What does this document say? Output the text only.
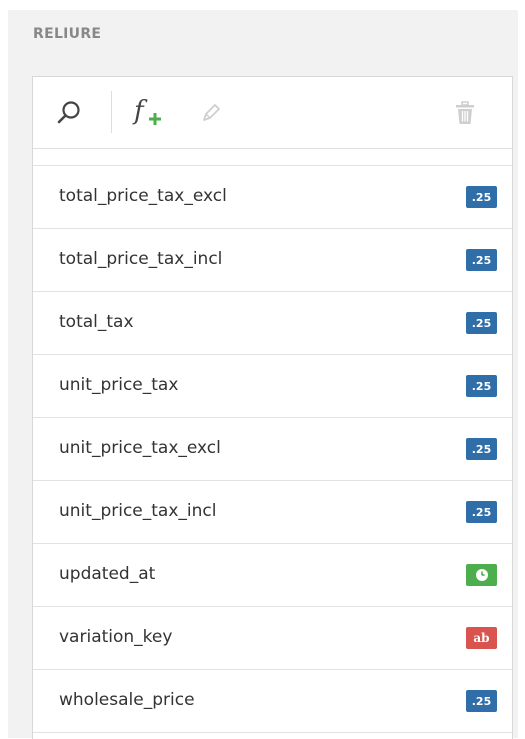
RELIURE
f
total_price_tax_excl	.25
total_price_tax_incl	.25
total_tax	.25
unit_price_tax	.25
unit_price_tax_excl	.25
unit_price_tax_incl	.25
updated_at
variation_key	ab
wholesale_price	.25
